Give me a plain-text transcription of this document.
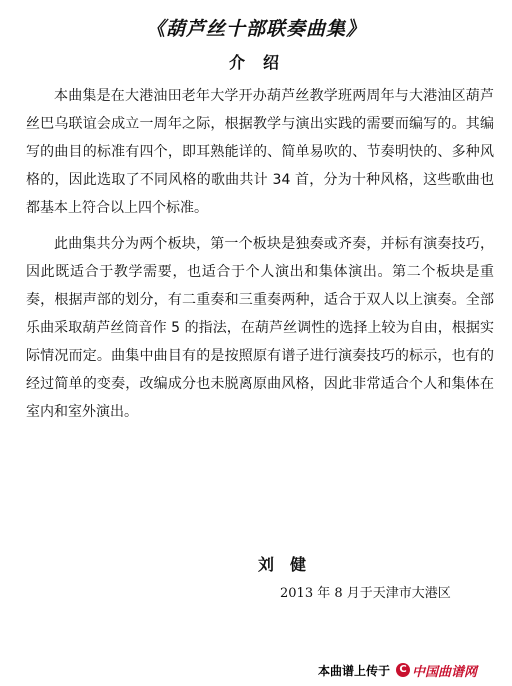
《葫芦丝十部联奏曲集》
介绍

本曲集是在大港油田老年大学开办葫芦丝教学班两周年与大港油区葫芦丝巴乌联谊会成立一周年之际，根据教学与演出实践的需要而编写的。其编写的曲目的标准有四个，即耳熟能详的、简单易吹的、节奏明快的、多种风格的，因此选取了不同风格的歌曲共计 34 首，分为十种风格，这些歌曲也都基本上符合以上四个标准。

此曲集共分为两个板块，第一个板块是独奏或齐奏，并标有演奏技巧，因此既适合于教学需要，也适合于个人演出和集体演出。第二个板块是重奏，根据声部的划分，有二重奏和三重奏两种，适合于双人以上演奏。全部乐曲采取葫芦丝筒音作 5 的指法，在葫芦丝调性的选择上较为自由，根据实际情况而定。曲集中曲目有的是按照原有谱子进行演奏技巧的标示，也有的经过简单的变奏，改编成分也未脱离原曲风格，因此非常适合个人和集体在室内和室外演出。

刘健
2013 年 8 月于天津市大港区
本曲谱上传于 C 中国曲谱网
